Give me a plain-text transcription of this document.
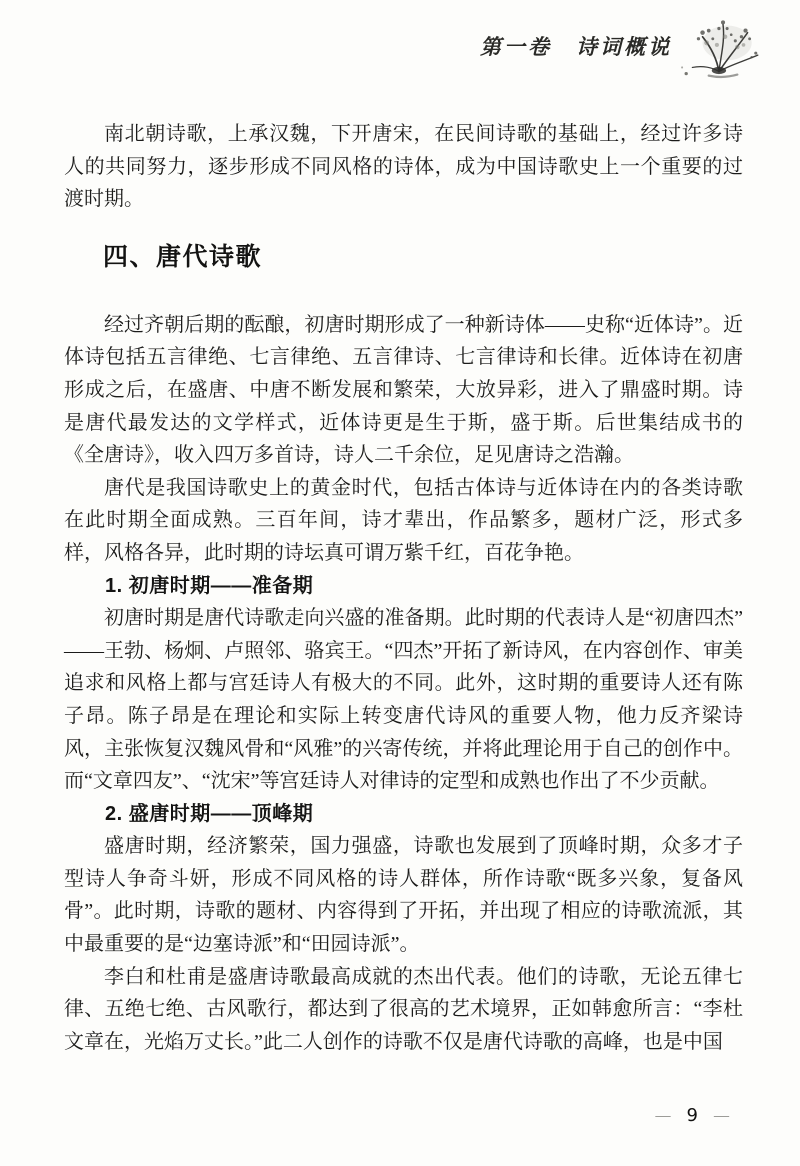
第一卷　诗词概说

南北朝诗歌，上承汉魏，下开唐宋，在民间诗歌的基础上，经过许多诗人的共同努力，逐步形成不同风格的诗体，成为中国诗歌史上一个重要的过渡时期。

四、唐代诗歌

经过齐朝后期的酝酿，初唐时期形成了一种新诗体——史称“近体诗”。近体诗包括五言律绝、七言律绝、五言律诗、七言律诗和长律。近体诗在初唐形成之后，在盛唐、中唐不断发展和繁荣，大放异彩，进入了鼎盛时期。诗是唐代最发达的文学样式，近体诗更是生于斯，盛于斯。后世集结成书的《全唐诗》，收入四万多首诗，诗人二千余位，足见唐诗之浩瀚。

唐代是我国诗歌史上的黄金时代，包括古体诗与近体诗在内的各类诗歌在此时期全面成熟。三百年间，诗才辈出，作品繁多，题材广泛，形式多样，风格各异，此时期的诗坛真可谓万紫千红，百花争艳。

1. 初唐时期——准备期

初唐时期是唐代诗歌走向兴盛的准备期。此时期的代表诗人是“初唐四杰”——王勃、杨炯、卢照邻、骆宾王。“四杰”开拓了新诗风，在内容创作、审美追求和风格上都与宫廷诗人有极大的不同。此外，这时期的重要诗人还有陈子昂。陈子昂是在理论和实际上转变唐代诗风的重要人物，他力反齐梁诗风，主张恢复汉魏风骨和“风雅”的兴寄传统，并将此理论用于自己的创作中。而“文章四友”、“沈宋”等宫廷诗人对律诗的定型和成熟也作出了不少贡献。

2. 盛唐时期——顶峰期

盛唐时期，经济繁荣，国力强盛，诗歌也发展到了顶峰时期，众多才子型诗人争奇斗妍，形成不同风格的诗人群体，所作诗歌“既多兴象，复备风骨”。此时期，诗歌的题材、内容得到了开拓，并出现了相应的诗歌流派，其中最重要的是“边塞诗派”和“田园诗派”。

李白和杜甫是盛唐诗歌最高成就的杰出代表。他们的诗歌，无论五律七律、五绝七绝、古风歌行，都达到了很高的艺术境界，正如韩愈所言：“李杜文章在，光焰万丈长。”此二人创作的诗歌不仅是唐代诗歌的高峰，也是中国

— 9 —
